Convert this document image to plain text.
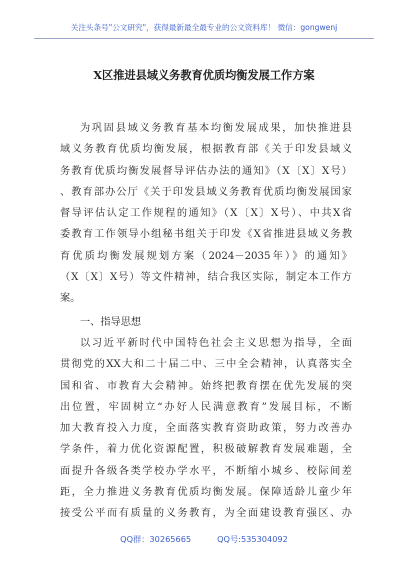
关注头条号"公文研究"，获得最新最全最专业的公文资料库！ 微信：gongwenj
X区推进县域义务教育优质均衡发展工作方案
为巩固县域义务教育基本均衡发展成果，加快推进县
域义务教育优质均衡发展，根据教育部《关于印发县域义
务教育优质均衡发展督导评估办法的通知》（X〔X〕X号）
、教育部办公厅《关于印发县域义务教育优质均衡发展国家
督导评估认定工作规程的通知》（X〔X〕X号）、中共X省
委教育工作领导小组秘书组关于印发《X省推进县域义务教
育优质均衡发展规划方案（2024－2035年）》的通知》
（X〔X〕X号）等文件精神，结合我区实际，制定本工作方
案。
一、指导思想
以习近平新时代中国特色社会主义思想为指导，全面
贯彻党的XX大和二十届二中、三中全会精神，认真落实全
国和省、市教育大会精神。始终把教育摆在优先发展的突
出位置，牢固树立“办好人民满意教育”发展目标，不断
加大教育投入力度，全面落实教育资助政策，努力改善办
学条件，着力优化资源配置，积极破解教育发展难题，全
面提升各级各类学校办学水平，不断缩小城乡、校际间差
距，全力推进义务教育优质均衡发展。保障适龄儿童少年
接受公平而有质量的义务教育，为全面建设教育强区、办
QQ群：30265665	QQ号:535304092
